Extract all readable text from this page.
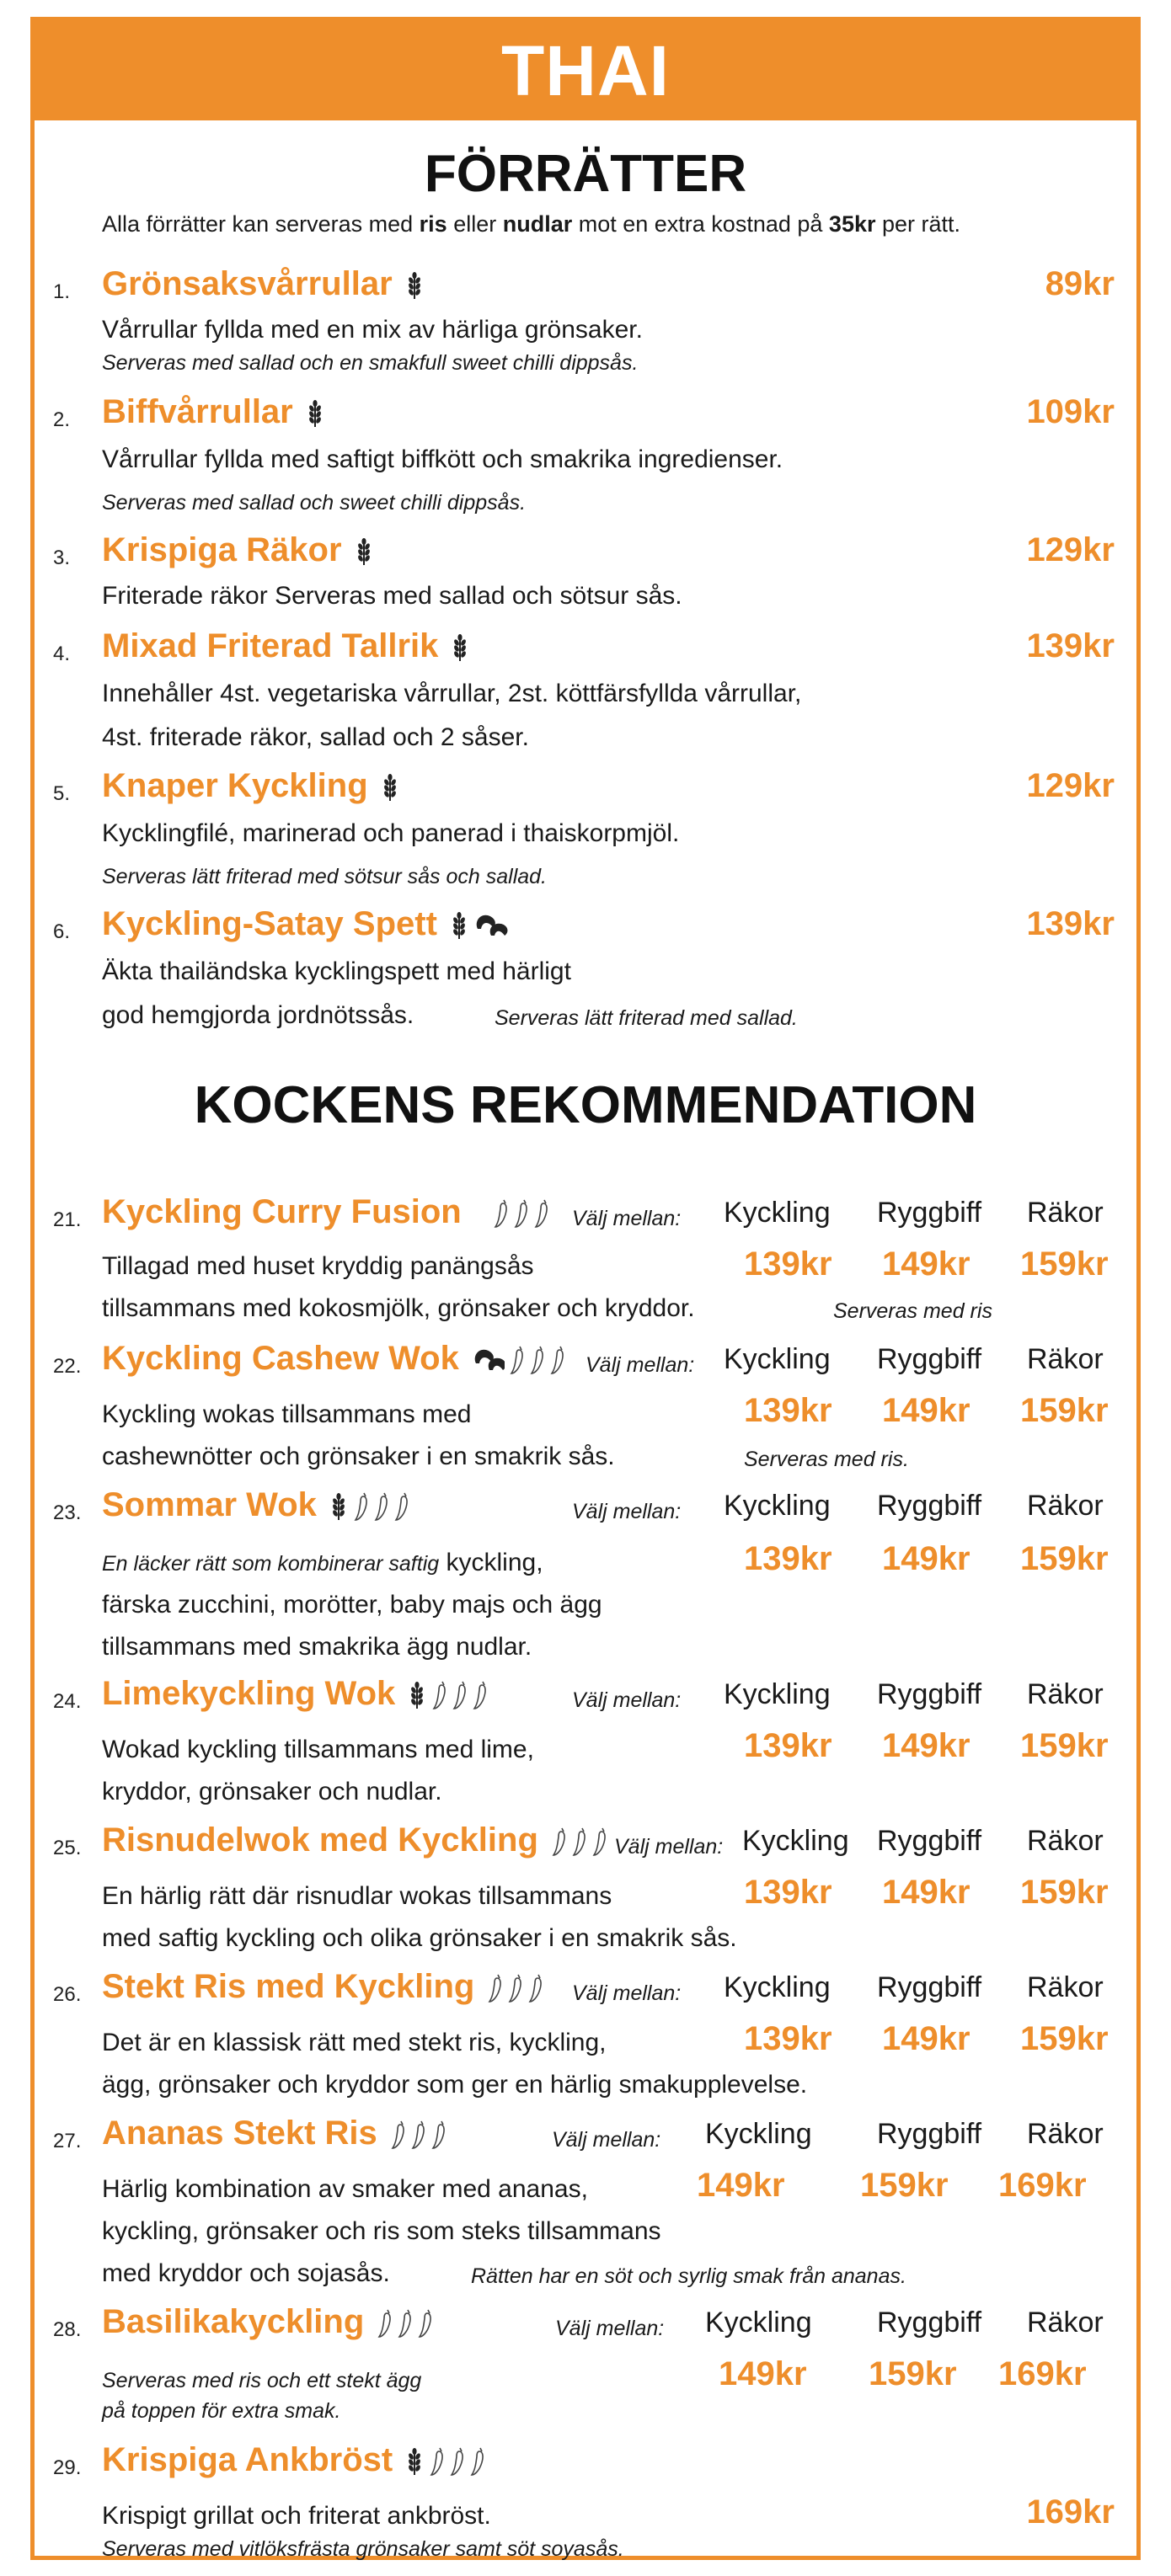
THAI
FÖRRÄTTER
Alla förrätter kan serveras med ris eller nudlar mot en extra kostnad på 35kr per rätt.
1. Grönsaksvårrullar	89kr
Vårrullar fyllda med en mix av härliga grönsaker.
Serveras med sallad och en smakfull sweet chilli dippsås.
2. Biffvårrullar	109kr
Vårrullar fyllda med saftigt biffkött och smakrika ingredienser.
Serveras med sallad och sweet chilli dippsås.
3. Krispiga Räkor	129kr
Friterade räkor Serveras med sallad och sötsur sås.
4. Mixad Friterad Tallrik	139kr
Innehåller 4st. vegetariska vårrullar, 2st. köttfärsfyllda vårrullar,
4st. friterade räkor, sallad och 2 såser.
5. Knaper Kyckling	129kr
Kycklingfilé, marinerad och panerad i thaiskorpmjöl.
Serveras lätt friterad med sötsur sås och sallad.
6. Kyckling-Satay Spett	139kr
Äkta thailändska kycklingspett med härligt
god hemgjorda jordnötssås.	Serveras lätt friterad med sallad.
KOCKENS REKOMMENDATION
21. Kyckling Curry Fusion	Välj mellan: Kyckling Ryggbiff Räkor
Tillagad med huset kryddig panängsås	139kr 149kr 159kr
tillsammans med kokosmjölk, grönsaker och kryddor.	Serveras med ris
22. Kyckling Cashew Wok	Välj mellan: Kyckling Ryggbiff Räkor
Kyckling wokas tillsammans med	139kr 149kr 159kr
cashewnötter och grönsaker i en smakrik sås.	Serveras med ris.
23. Sommar Wok	Välj mellan: Kyckling Ryggbiff Räkor
En läcker rätt som kombinerar saftig kyckling,	139kr 149kr 159kr
färska zucchini, morötter, baby majs och ägg
tillsammans med smakrika ägg nudlar.
24. Limekyckling Wok	Välj mellan: Kyckling Ryggbiff Räkor
Wokad kyckling tillsammans med lime,	139kr 149kr 159kr
kryddor, grönsaker och nudlar.
25. Risnudelwok med Kyckling	Välj mellan: Kyckling Ryggbiff Räkor
En härlig rätt där risnudlar wokas tillsammans	139kr 149kr 159kr
med saftig kyckling och olika grönsaker i en smakrik sås.
26. Stekt Ris med Kyckling	Välj mellan: Kyckling Ryggbiff Räkor
Det är en klassisk rätt med stekt ris, kyckling,	139kr 149kr 159kr
ägg, grönsaker och kryddor som ger en härlig smakupplevelse.
27. Ananas Stekt Ris	Välj mellan: Kyckling Ryggbiff Räkor
Härlig kombination av smaker med ananas,	149kr 159kr 169kr
kyckling, grönsaker och ris som steks tillsammans
med kryddor och sojasås.	Rätten har en söt och syrlig smak från ananas.
28. Basilikakyckling	Välj mellan: Kyckling Ryggbiff Räkor
Serveras med ris och ett stekt ägg	149kr 159kr 169kr
på toppen för extra smak.
29. Krispiga Ankbröst
169kr
Krispigt grillat och friterat ankbröst.
Serveras med vitlöksfrästa grönsaker samt söt soyasås.
